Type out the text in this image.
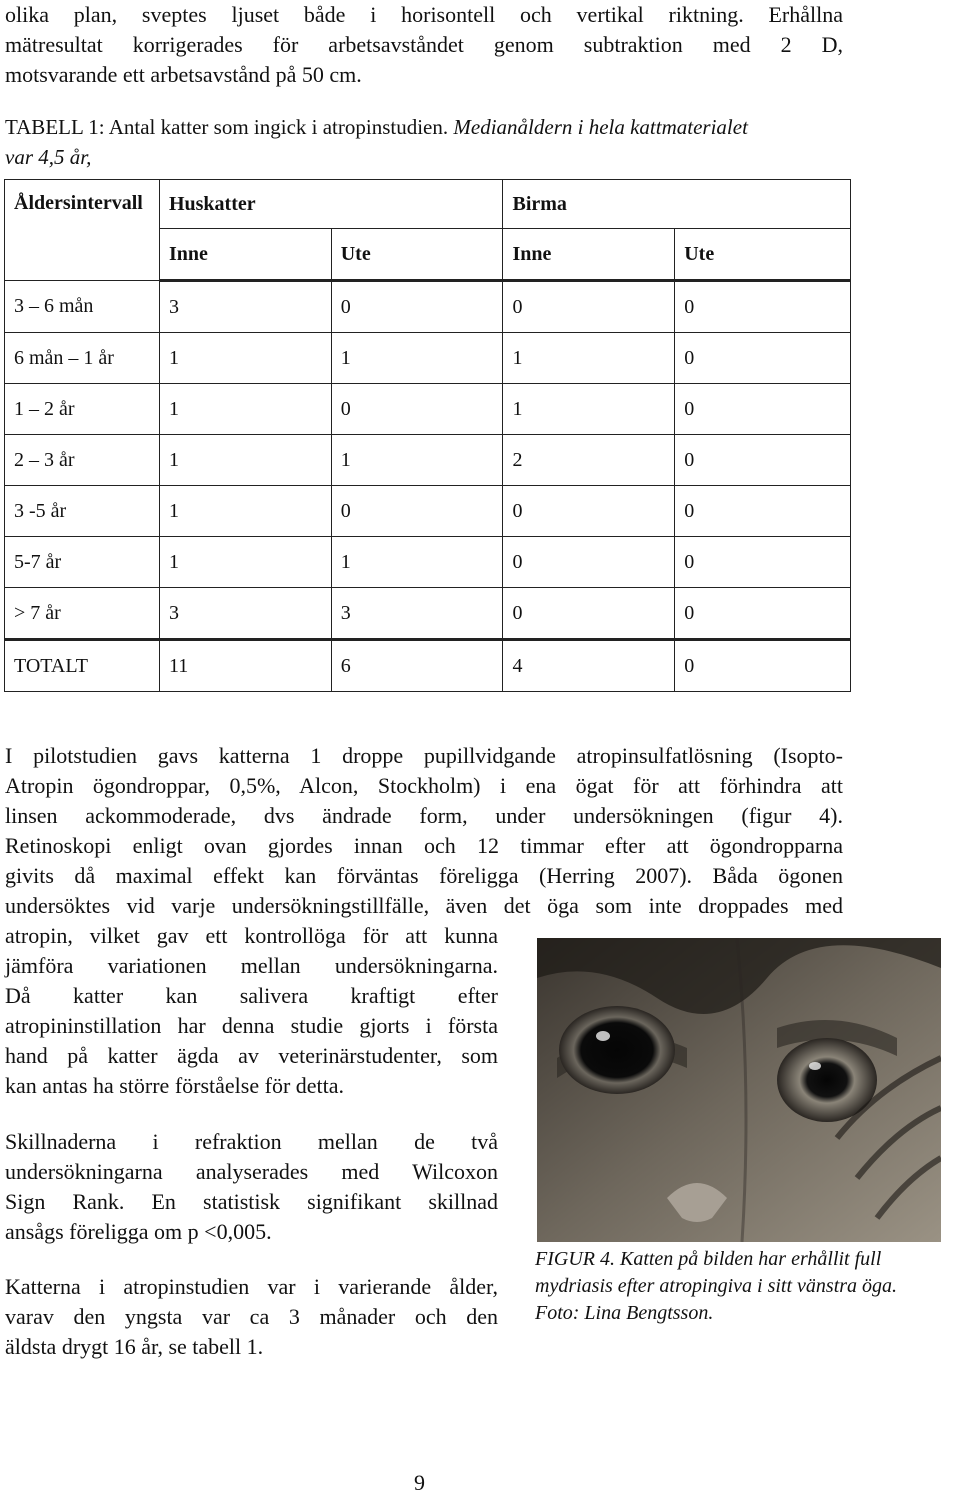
olika plan, sveptes ljuset både i horisontell och vertikal riktning. Erhållna
mätresultat korrigerades för arbetsavståndet genom subtraktion med 2 D,
motsvarande ett arbetsavstånd på 50 cm.
TABELL 1: Antal katter som ingick i atropinstudien. Medianåldern i hela kattmaterialet
var 4,5 år,
Åldersintervall	Huskatter		Birma	
	Inne	Ute	Inne	Ute
3 – 6 mån	3	0	0	0
6 mån – 1 år	1	1	1	0
1 – 2 år	1	0	1	0
2 – 3 år	1	1	2	0
3 -5 år	1	0	0	0
5-7 år	1	1	0	0
> 7 år	3	3	0	0
TOTALT	11	6	4	0
I pilotstudien gavs katterna 1 droppe pupillvidgande atropinsulfatlösning (Isopto-
Atropin ögondroppar, 0,5%, Alcon, Stockholm) i ena ögat för att förhindra att
linsen ackommoderade, dvs ändrade form, under undersökningen (figur 4).
Retinoskopi enligt ovan gjordes innan och 12 timmar efter att ögondropparna
givits då maximal effekt kan förväntas föreligga (Herring 2007). Båda ögonen
undersöktes vid varje undersökningstillfälle, även det öga som inte droppades med
atropin, vilket gav ett kontrollöga för att kunna
jämföra variationen mellan undersökningarna.
Då katter kan salivera kraftigt efter
atropininstillation har denna studie gjorts i första
hand på katter ägda av veterinärstudenter, som
kan antas ha större förståelse för detta.
Skillnaderna i refraktion mellan de två
undersökningarna analyserades med Wilcoxon
Sign Rank. En statistisk signifikant skillnad
ansågs föreligga om p <0,005.
Katterna i atropinstudien var i varierande ålder,
varav den yngsta var ca 3 månader och den
äldsta drygt 16 år, se tabell 1.
FIGUR 4. Katten på bilden har erhållit full
mydriasis efter atropingiva i sitt vänstra öga.
Foto: Lina Bengtsson.
9
